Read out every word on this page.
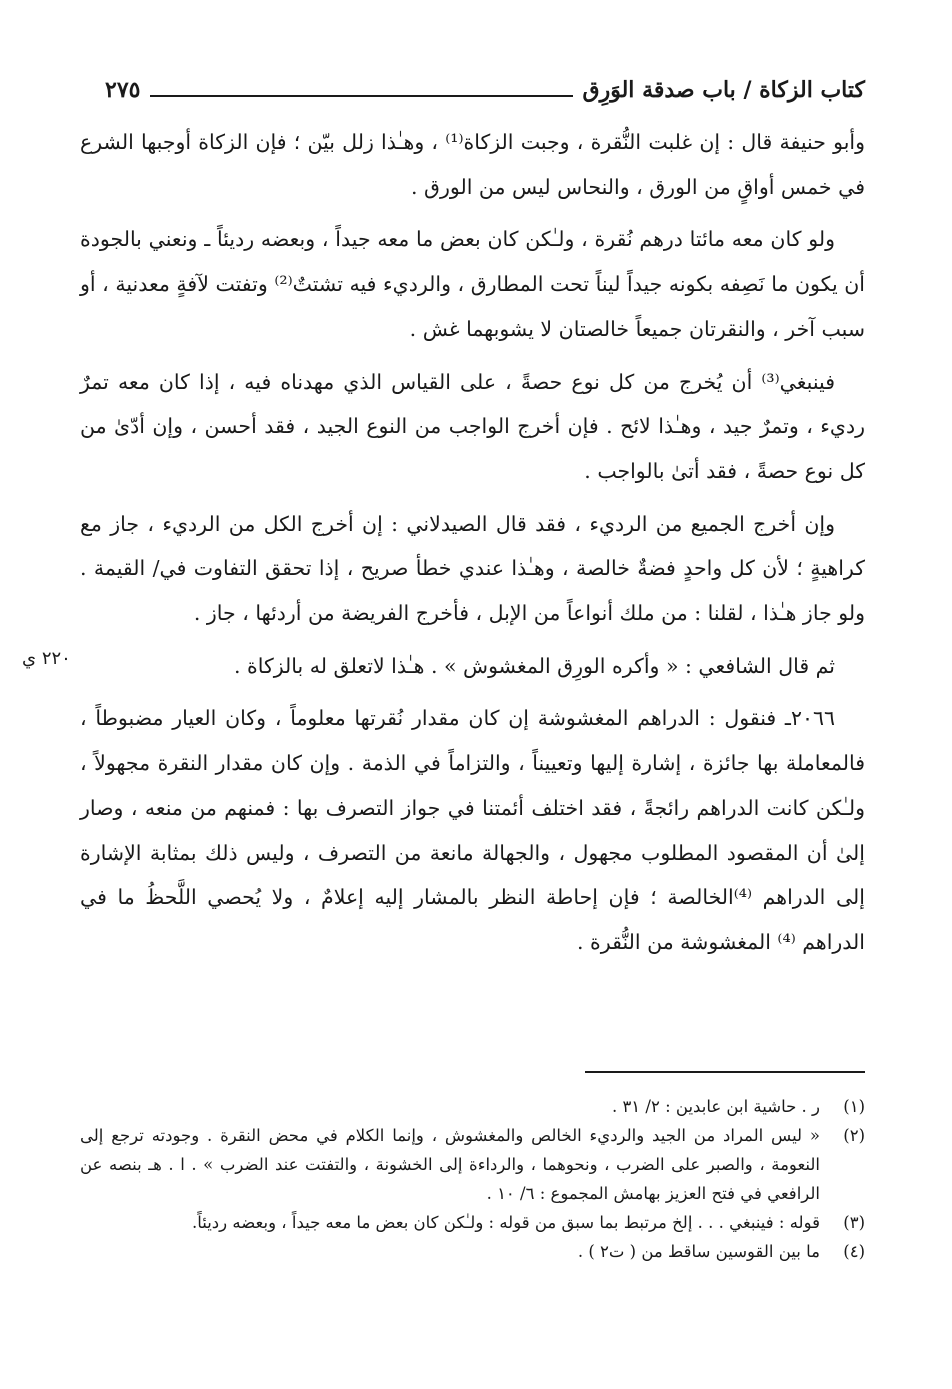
كتاب الزكاة / باب صدقة الوَرِق
٢٧٥

وأبو حنيفة قال : إن غلبت النُّقرة ، وجبت الزكاة⁽¹⁾ ، وهـٰذا زلل بيّن ؛ فإن الزكاة أوجبها الشرع في خمس أواقٍ من الورق ، والنحاس ليس من الورق .

ولو كان معه مائتا درهم نُقرة ، ولـٰكن كان بعض ما معه جيداً ، وبعضه رديئاً ـ ونعني بالجودة أن يكون ما نَصِفه بكونه جيداً ليناً تحت المطارق ، والرديء فيه تشتتٌ⁽²⁾ وتفتت لآفةٍ معدنية ، أو سبب آخر ، والنقرتان جميعاً خالصتان لا يشوبهما غش .

فينبغي⁽³⁾ أن يُخرج من كل نوع حصةً ، على القياس الذي مهدناه فيه ، إذا كان معه تمرٌ رديء ، وتمرٌ جيد ، وهـٰذا لائح . فإن أخرج الواجب من النوع الجيد ، فقد أحسن ، وإن أدّىٰ من كل نوع حصةً ، فقد أتىٰ بالواجب .

وإن أخرج الجميع من الرديء ، فقد قال الصيدلاني : إن أخرج الكل من الرديء ، جاز مع كراهيةٍ ؛ لأن كل واحدٍ فضةٌ خالصة ، وهـٰذا عندي خطأ صريح ، إذا تحقق التفاوت في/ القيمة . ولو جاز هـٰذا ، لقلنا : من ملك أنواعاً من الإبل ، فأخرج الفريضة من أردئها ، جاز .

ثم قال الشافعي : « وأكره الورِق المغشوش » . هـٰذا لاتعلق له بالزكاة .

٢٠٦٦ـ فنقول : الدراهم المغشوشة إن كان مقدار نُقرتها معلوماً ، وكان العيار مضبوطاً ، فالمعاملة بها جائزة ، إشارة إليها وتعييناً ، والتزاماً في الذمة . وإن كان مقدار النقرة مجهولاً ، ولـٰكن كانت الدراهم رائجةً ، فقد اختلف أئمتنا في جواز التصرف بها : فمنهم من منعه ، وصار إلىٰ أن المقصود المطلوب مجهول ، والجهالة مانعة من التصرف ، وليس ذلك بمثابة الإشارة إلى الدراهم ⁽⁴⁾الخالصة ؛ فإن إحاطة النظر بالمشار إليه إعلامٌ ، ولا يُحصي اللَّحظُ ما في الدراهم ⁽⁴⁾ المغشوشة من النُّقرة .

٢٢٠ ي
(١)
ر . حاشية ابن عابدين : ٢/ ٣١ .
(٢)
« ليس المراد من الجيد والرديء الخالص والمغشوش ، وإنما الكلام في محض النقرة . وجودته ترجع إلى النعومة ، والصبر على الضرب ، ونحوهما ، والرداءة إلى الخشونة ، والتفتت عند الضرب » . ا . هـ بنصه عن الرافعي في فتح العزيز بهامش المجموع : ٦/ ١٠ .
(٣)
قوله : فينبغي . . . إلخ مرتبط بما سبق من قوله : ولـٰكن كان بعض ما معه جيداً ، وبعضه رديئاً.
(٤)
ما بين القوسين ساقط من ( ت٢ ) .
